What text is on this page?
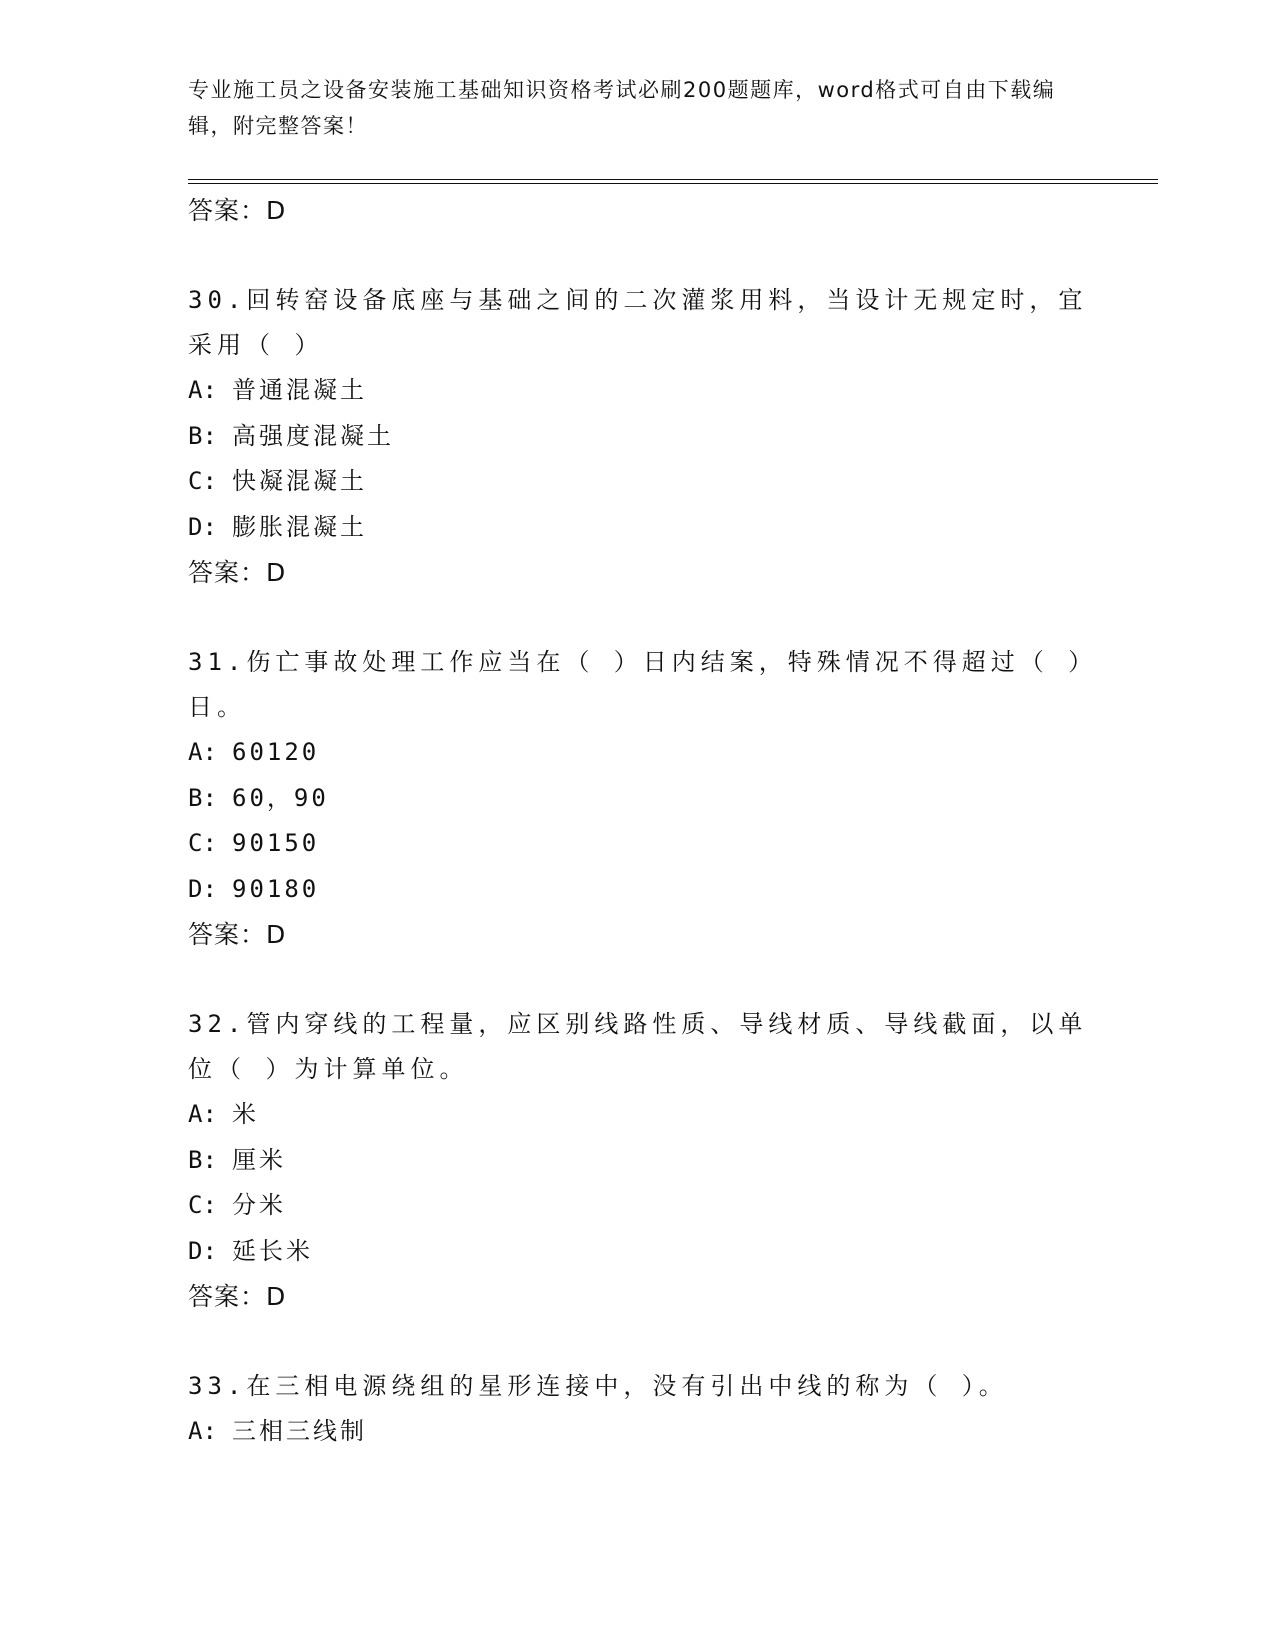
专业施工员之设备安装施工基础知识资格考试必刷200题题库，word格式可自由下载编辑，附完整答案！
答案：D
30.回转窑设备底座与基础之间的二次灌浆用料，当设计无规定时，宜采用（ ）
A: 普通混凝土
B: 高强度混凝土
C: 快凝混凝土
D: 膨胀混凝土
答案：D
31.伤亡事故处理工作应当在（ ）日内结案，特殊情况不得超过（ ）日。
A: 60120
B: 60，90
C: 90150
D: 90180
答案：D
32.管内穿线的工程量，应区别线路性质、导线材质、导线截面，以单位（ ）为计算单位。
A: 米
B: 厘米
C: 分米
D: 延长米
答案：D
33.在三相电源绕组的星形连接中，没有引出中线的称为（ ）。
A: 三相三线制
